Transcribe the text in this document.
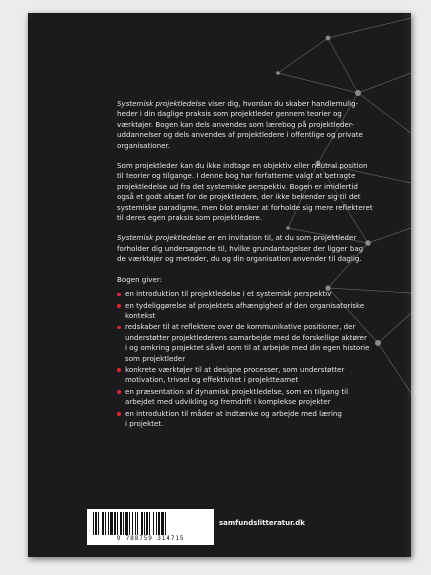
Systemisk projektledelse viser dig, hvordan du skaber handlemulig-
heder i din daglige praksis som projektleder gennem teorier og
værktøjer. Bogen kan dels anvendes som lærebog på projektleder-
uddannelser og dels anvendes af projektledere i offentlige og private
organisationer.

Som projektleder kan du ikke indtage en objektiv eller neutral position
til teorier og tilgange. I denne bog har forfatterne valgt at betragte
projektledelse ud fra det systemiske perspektiv. Bogen er imidlertid
også et godt afsæt for de projektledere, der ikke bekender sig til det
systemiske paradigme, men blot ønsker at forholde sig mere reflekteret
til deres egen praksis som projektledere.

Systemisk projektledelse er en invitation til, at du som projektleder
forholder dig undersøgende til, hvilke grundantagelser der ligger bag
de værktøjer og metoder, du og din organisation anvender til daglig.

Bogen giver:
en introduktion til projektledelse i et systemisk perspektiv
en tydeliggørelse af projektets afhængighed af den organisatoriske
kontekst
redskaber til at reflektere over de kommunikative positioner, der
understøtter projektlederens samarbejde med de forskellige aktører
i og omkring projektet såvel som til at arbejde med din egen historie
som projektleder
konkrete værktøjer til at designe processer, som understøtter
motivation, trivsel og effektivitet i projektteamet
en præsentation af dynamisk projektledelse, som en tilgang til
arbejdet med udvikling og fremdrift i komplekse projekter
en introduktion til måder at indtænke og arbejde med læring
i projektet.
9 788759 314715
samfundslitteratur.dk
